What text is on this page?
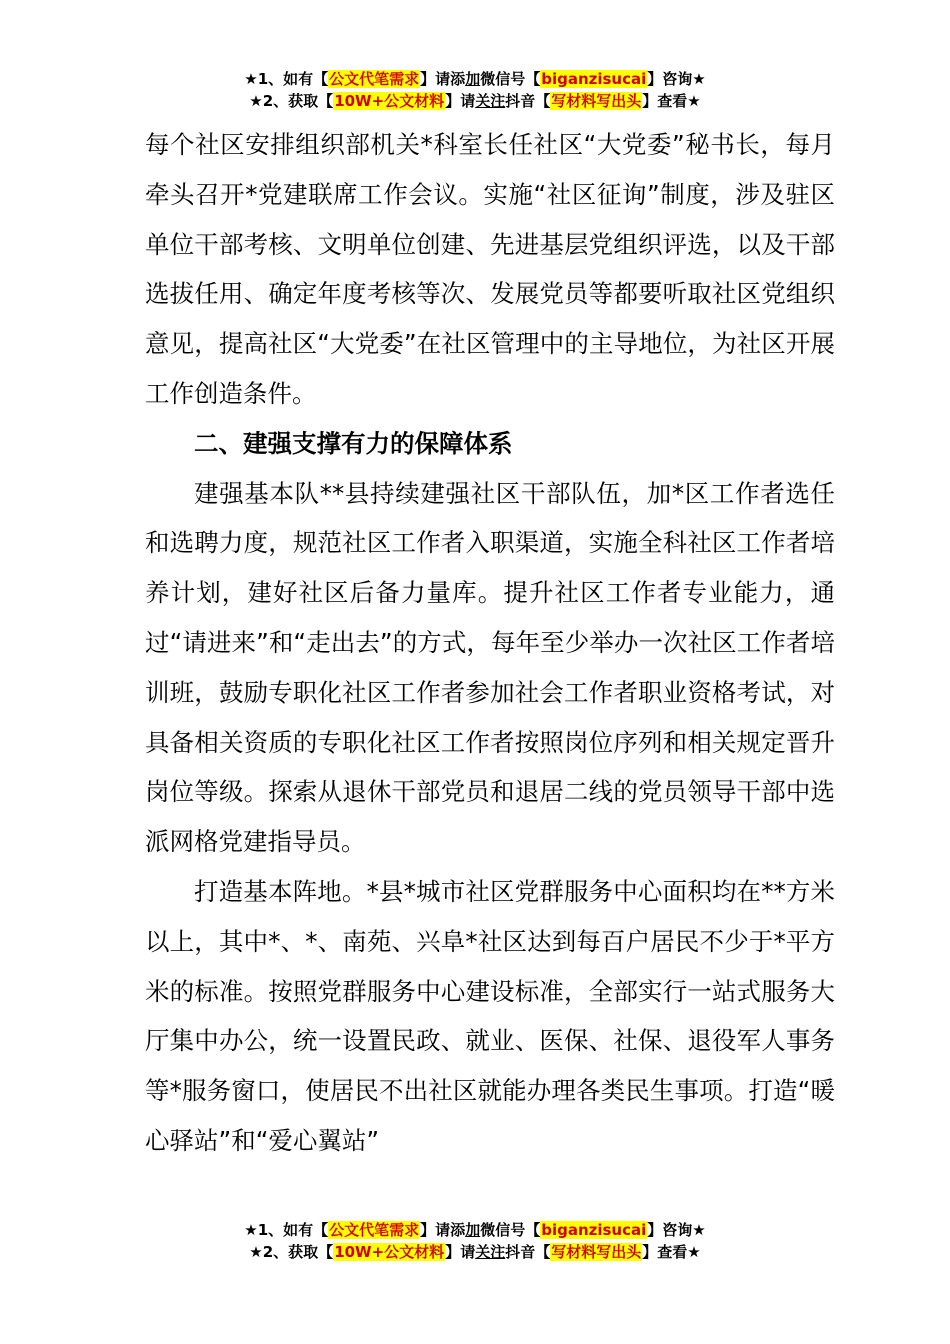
★1、如有【公文代笔需求】请添加微信号【biganzisucai】咨询★
★2、获取【10W+公文材料】请关注抖音【写材料写出头】查看★

每个社区安排组织部机关*科室长任社区“大党委”秘书长，每月牵头召开*党建联席工作会议。实施“社区征询”制度，涉及驻区单位干部考核、文明单位创建、先进基层党组织评选，以及干部选拔任用、确定年度考核等次、发展党员等都要听取社区党组织意见，提高社区“大党委”在社区管理中的主导地位，为社区开展工作创造条件。

二、建强支撑有力的保障体系

建强基本队**县持续建强社区干部队伍，加*区工作者选任和选聘力度，规范社区工作者入职渠道，实施全科社区工作者培养计划，建好社区后备力量库。提升社区工作者专业能力，通过“请进来”和“走出去”的方式，每年至少举办一次社区工作者培训班，鼓励专职化社区工作者参加社会工作者职业资格考试，对具备相关资质的专职化社区工作者按照岗位序列和相关规定晋升岗位等级。探索从退休干部党员和退居二线的党员领导干部中选派网格党建指导员。

打造基本阵地。*县*城市社区党群服务中心面积均在**方米以上，其中*、*、南苑、兴阜*社区达到每百户居民不少于*平方米的标准。按照党群服务中心建设标准，全部实行一站式服务大厅集中办公，统一设置民政、就业、医保、社保、退役军人事务等*服务窗口，使居民不出社区就能办理各类民生事项。打造“暖心驿站”和“爱心翼站”

★1、如有【公文代笔需求】请添加微信号【biganzisucai】咨询★
★2、获取【10W+公文材料】请关注抖音【写材料写出头】查看★
